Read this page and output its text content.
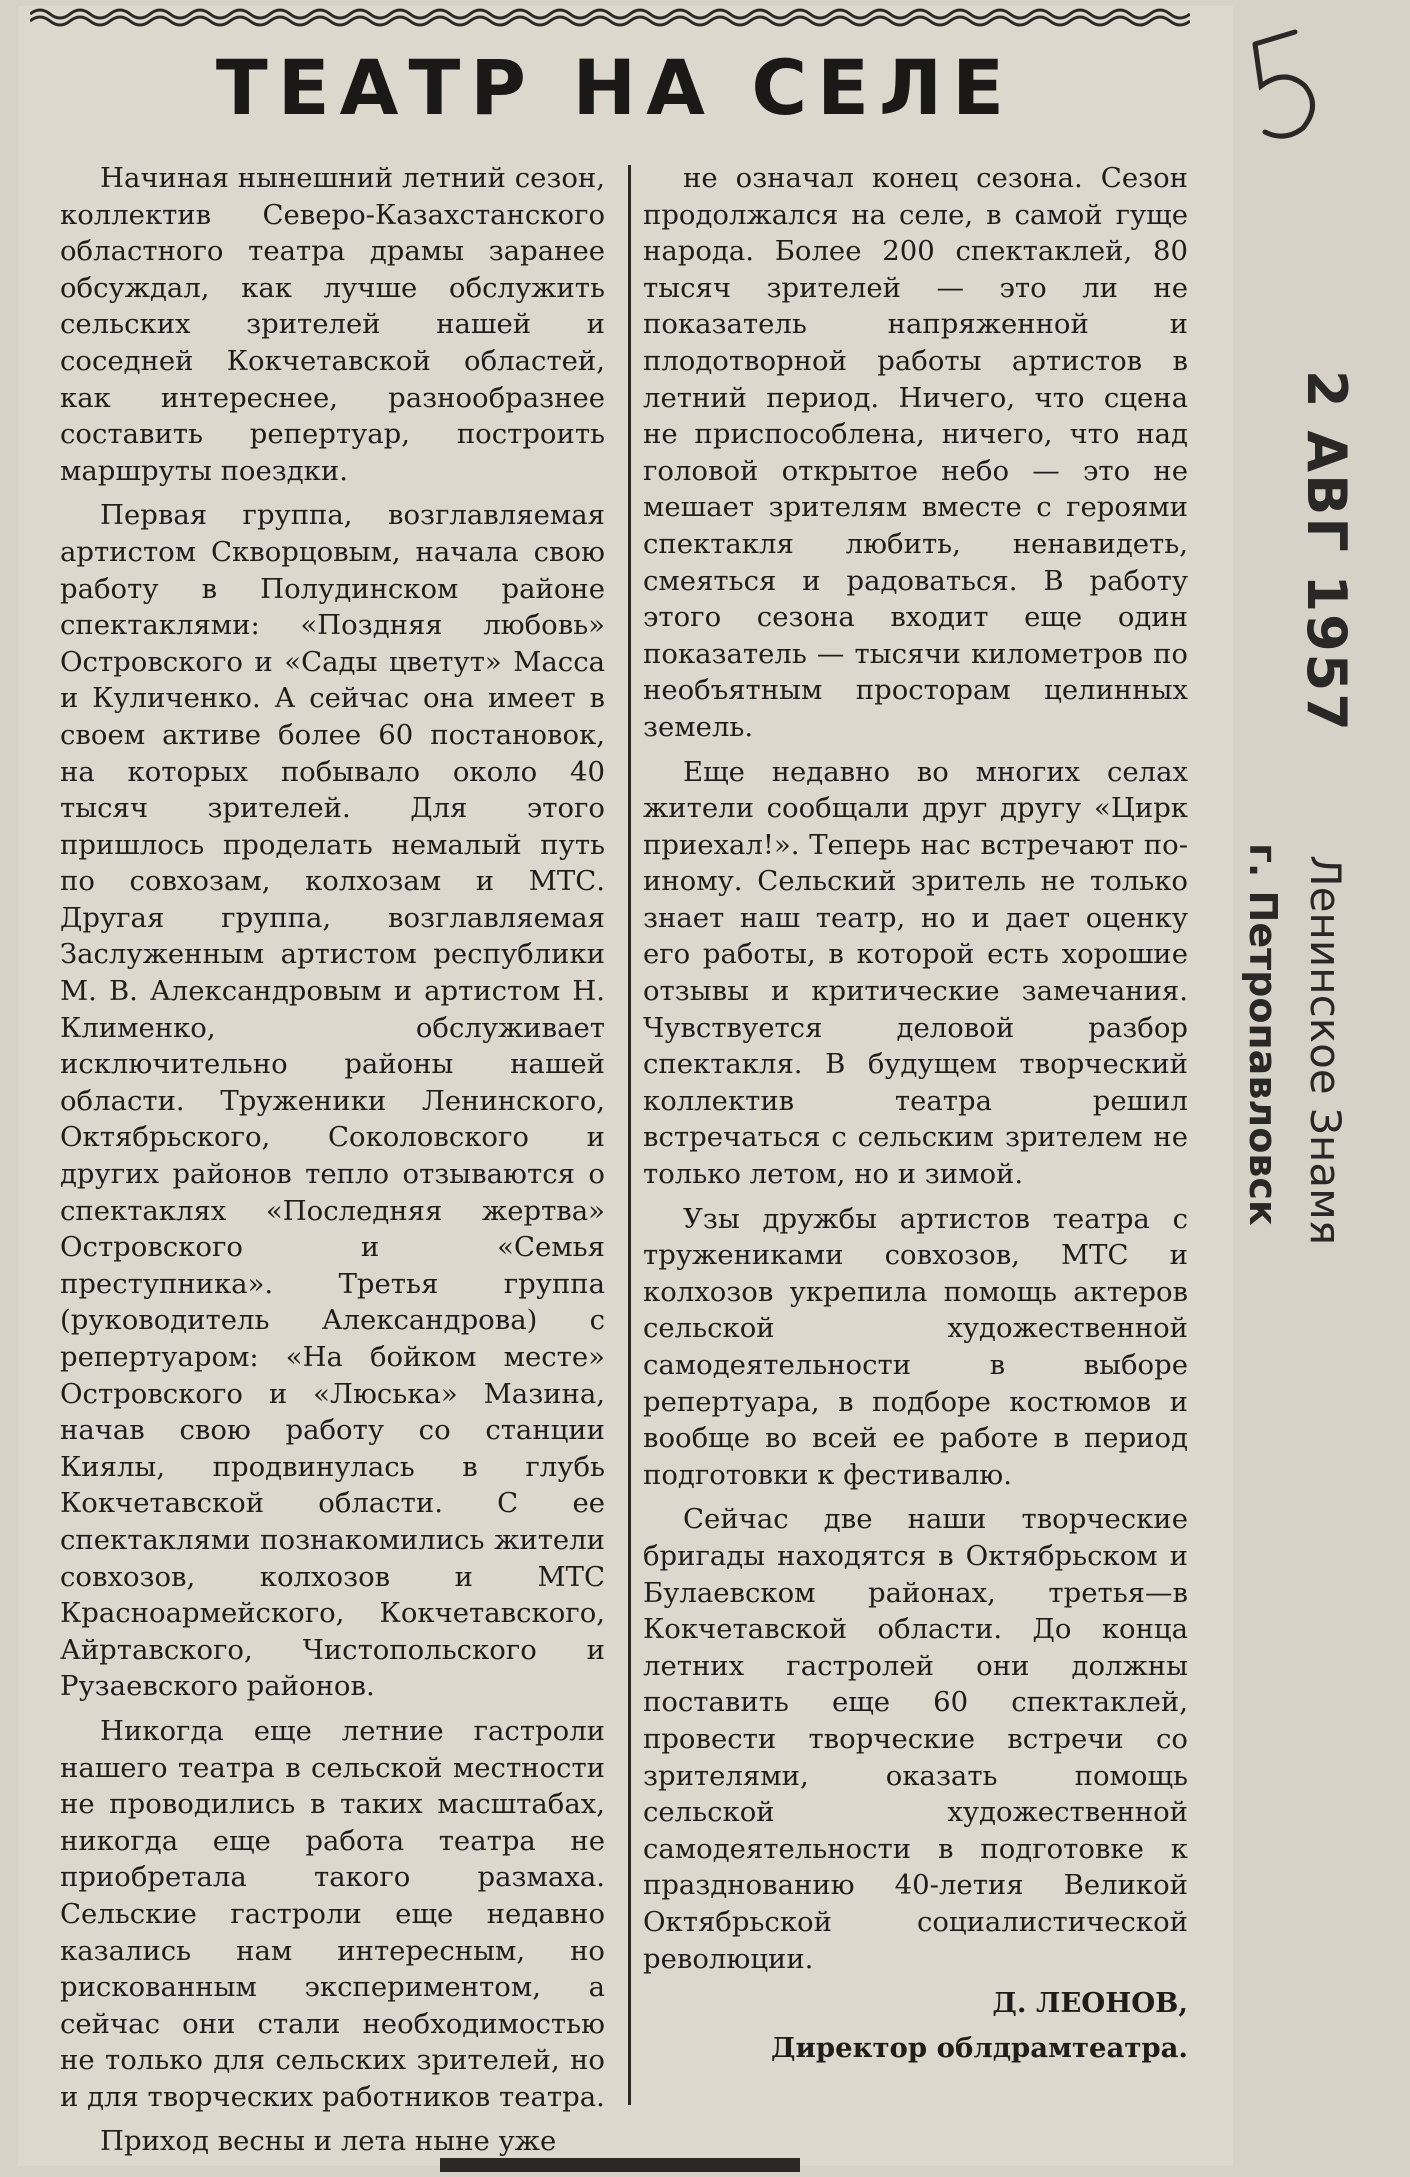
ТЕАТР НА СЕЛЕ

Начиная нынешний летний сезон, коллектив Северо-Казахстанского областного театра драмы заранее обсуждал, как лучше обслужить сельских зрителей нашей и соседней Кокчетавской областей, как интереснее, разнообразнее составить репертуар, построить маршруты поездки.

Первая группа, возглавляемая артистом Скворцовым, начала свою работу в Полудинском районе спектаклями: «Поздняя любовь» Островского и «Сады цветут» Масса и Куличенко. А сейчас она имеет в своем активе более 60 постановок, на которых побывало около 40 тысяч зрителей. Для этого пришлось проделать немалый путь по совхозам, колхозам и МТС. Другая группа, возглавляемая Заслуженным артистом республики М. В. Александровым и артистом Н. Клименко, обслуживает исключительно районы нашей области. Труженики Ленинского, Октябрьского, Соколовского и других районов тепло отзываются о спектаклях «Последняя жертва» Островского и «Семья преступника». Третья группа (руководитель Александрова) с репертуаром: «На бойком месте» Островского и «Люська» Мазина, начав свою работу со станции Киялы, продвинулась в глубь Кокчетавской области. С ее спектаклями познакомились жители совхозов, колхозов и МТС Красноармейского, Кокчетавского, Айртавского, Чистопольского и Рузаевского районов.

Никогда еще летние гастроли нашего театра в сельской местности не проводились в таких масштабах, никогда еще работа театра не приобретала такого размаха. Сельские гастроли еще недавно казались нам интересным, но рискованным экспериментом, а сейчас они стали необходимостью не только для сельских зрителей, но и для творческих работников театра.

Приход весны и лета ныне уже

не означал конец сезона. Сезон продолжался на селе, в самой гуще народа. Более 200 спектаклей, 80 тысяч зрителей — это ли не показатель напряженной и плодотворной работы артистов в летний период. Ничего, что сцена не приспособлена, ничего, что над головой открытое небо — это не мешает зрителям вместе с героями спектакля любить, ненавидеть, смеяться и радоваться. В работу этого сезона входит еще один показатель — тысячи километров по необъятным просторам целинных земель.

Еще недавно во многих селах жители сообщали друг другу «Цирк приехал!». Теперь нас встречают по-иному. Сельский зритель не только знает наш театр, но и дает оценку его работы, в которой есть хорошие отзывы и критические замечания. Чувствуется деловой разбор спектакля. В будущем творческий коллектив театра решил встречаться с сельским зрителем не только летом, но и зимой.

Узы дружбы артистов театра с тружениками совхозов, МТС и колхозов укрепила помощь актеров сельской художественной самодеятельности в выборе репертуара, в подборе костюмов и вообще во всей ее работе в период подготовки к фестивалю.

Сейчас две наши творческие бригады находятся в Октябрьском и Булаевском районах, третья—в Кокчетавской области. До конца летних гастролей они должны поставить еще 60 спектаклей, провести творческие встречи со зрителями, оказать помощь сельской художественной самодеятельности в подготовке к празднованию 40-летия Великой Октябрьской социалистической революции.

Д. ЛЕОНОВ,

Директор облдрамтеатра.

2 АВГ 1957
Ленинское Знамя
г. Петропавловск
